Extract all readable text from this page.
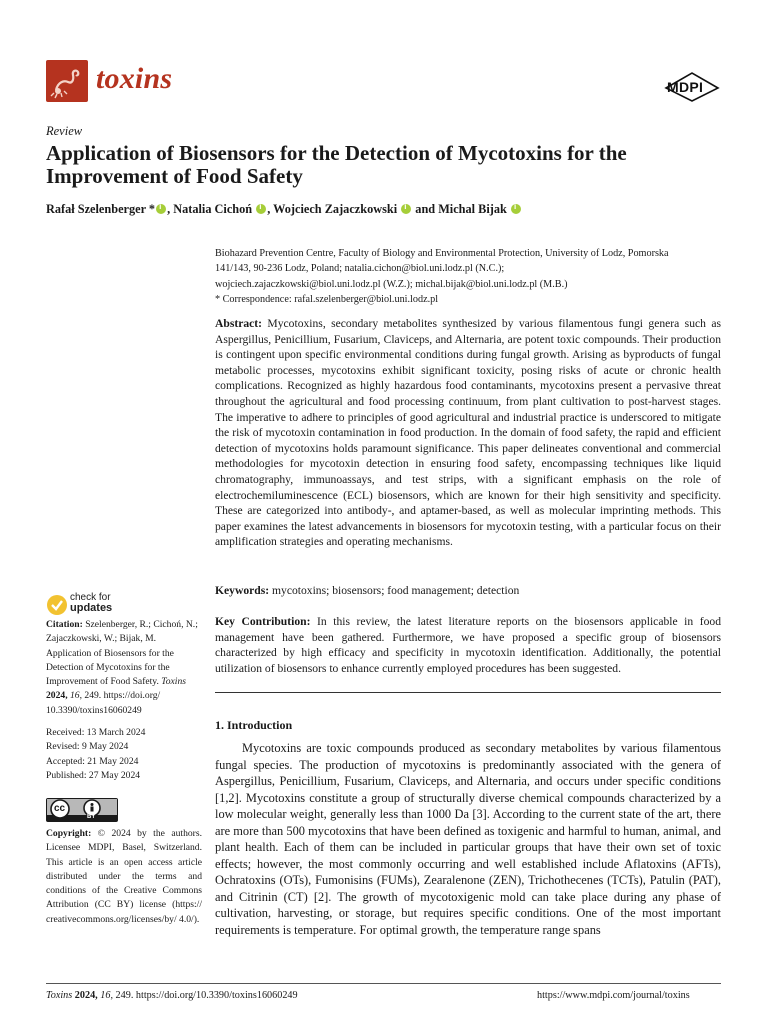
toxins	MDPI
Review
Application of Biosensors for the Detection of Mycotoxins for the
Improvement of Food Safety
Rafał Szelenberger * i , Natalia Cichoń i , Wojciech Zajaczkowski i and Michal Bijak i
Biohazard Prevention Centre, Faculty of Biology and Environmental Protection, University of Lodz, Pomorska
141/143, 90-236 Lodz, Poland; natalia.cichon@biol.uni.lodz.pl (N.C.);
wojciech.zajaczkowski@biol.uni.lodz.pl (W.Z.); michal.bijak@biol.uni.lodz.pl (M.B.)
* Correspondence: rafal.szelenberger@biol.uni.lodz.pl
Abstract: Mycotoxins, secondary metabolites synthesized by various filamentous fungi genera such as Aspergillus, Penicillium, Fusarium, Claviceps, and Alternaria, are potent toxic compounds. Their production is contingent upon specific environmental conditions during fungal growth. Arising as byproducts of fungal metabolic processes, mycotoxins exhibit significant toxicity, posing risks of acute or chronic health complications. Recognized as highly hazardous food contaminants, mycotoxins present a pervasive threat throughout the agricultural and food processing continuum, from plant cultivation to post-harvest stages. The imperative to adhere to principles of good agricultural and industrial practice is underscored to mitigate the risk of mycotoxin contamination in food production. In the domain of food safety, the rapid and efficient detection of mycotoxins holds paramount significance. This paper delineates conventional and commercial methodologies for mycotoxin detection in ensuring food safety, encompassing techniques like liquid chromatography, immunoassays, and test strips, with a significant emphasis on the role of electrochemiluminescence (ECL) biosensors, which are known for their high sensitivity and specificity. These are categorized into antibody-, and aptamer-based, as well as molecular imprinting methods. This paper examines the latest advancements in biosensors for mycotoxin testing, with a particular focus on their amplification strategies and operating mechanisms.
Keywords: mycotoxins; biosensors; food management; detection
Key Contribution: In this review, the latest literature reports on the biosensors applicable in food management have been gathered. Furthermore, we have proposed a specific group of biosensors characterized by high efficacy and specificity in mycotoxin identification. Additionally, the potential utilization of biosensors to enhance currently employed procedures has been suggested.
1. Introduction
Mycotoxins are toxic compounds produced as secondary metabolites by various filamentous fungal species. The production of mycotoxins is predominantly associated with the genera of Aspergillus, Penicillium, Fusarium, Claviceps, and Alternaria, and occurs under specific conditions [1,2]. Mycotoxins constitute a group of structurally diverse chemical compounds characterized by a low molecular weight, generally less than 1000 Da [3]. According to the current state of the art, there are more than 500 mycotoxins that have been defined as toxigenic and harmful to human, animal, and plant health. Each of them can be included in particular groups that have their own set of toxic effects; however, the most commonly occurring and well established include Aflatoxins (AFTs), Ochratoxins (OTs), Fumonisins (FUMs), Zearalenone (ZEN), Trichothecenes (TCTs), Patulin (PAT), and Citrinin (CT) [2]. The growth of mycotoxigenic mold can take place during any phase of cultivation, harvesting, or storage, but requires specific conditions. One of the most important requirements is temperature. For optimal growth, the temperature range spans
check for
updates
Citation: Szelenberger, R.; Cichoń, N.; Zajaczkowski, W.; Bijak, M. Application of Biosensors for the Detection of Mycotoxins for the Improvement of Food Safety. Toxins 2024, 16, 249. https://doi.org/ 10.3390/toxins16060249
Received: 13 March 2024
Revised: 9 May 2024
Accepted: 21 May 2024
Published: 27 May 2024
cc
BY
Copyright: © 2024 by the authors. Licensee MDPI, Basel, Switzerland. This article is an open access article distributed under the terms and conditions of the Creative Commons Attribution (CC BY) license (https:// creativecommons.org/licenses/by/ 4.0/).
Toxins 2024, 16, 249. https://doi.org/10.3390/toxins16060249	https://www.mdpi.com/journal/toxins
